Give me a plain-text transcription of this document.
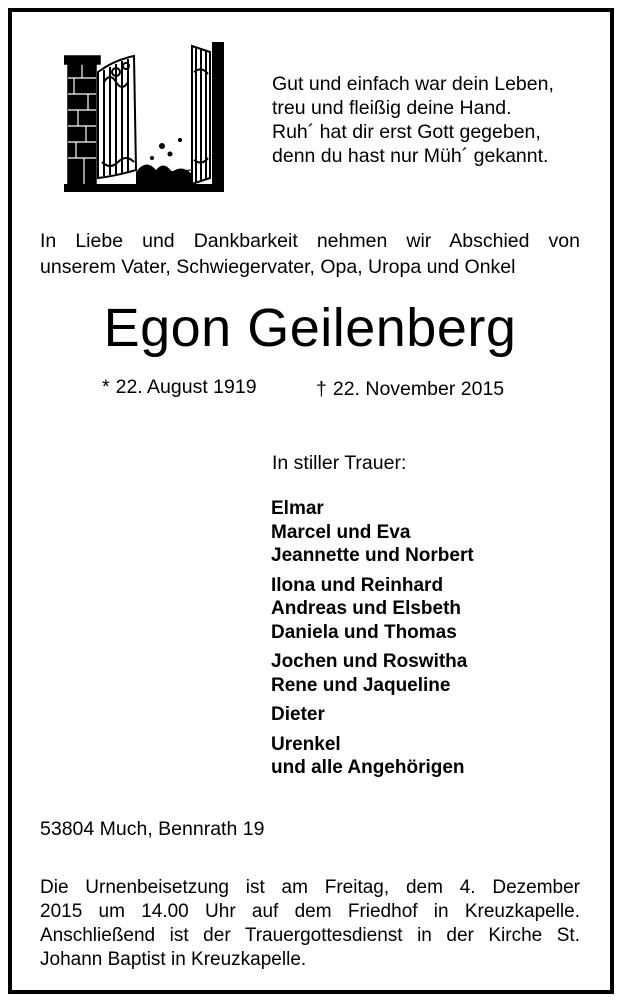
Gut und einfach war dein Leben,
treu und fleißig deine Hand.
Ruh´ hat dir erst Gott gegeben,
denn du hast nur Müh´ gekannt.
In Liebe und Dankbarkeit nehmen wir Abschied von
unserem Vater, Schwiegervater, Opa, Uropa und Onkel
Egon Geilenberg
* 22. August 1919	† 22. November 2015
In stiller Trauer:
Elmar
Marcel und Eva
Jeannette und Norbert
Ilona und Reinhard
Andreas und Elsbeth
Daniela und Thomas
Jochen und Roswitha
Rene und Jaqueline
Dieter
Urenkel
und alle Angehörigen
53804 Much, Bennrath 19
Die Urnenbeisetzung ist am Freitag, dem 4. Dezember
2015 um 14.00 Uhr auf dem Friedhof in Kreuzkapelle.
Anschließend ist der Trauergottesdienst in der Kirche St.
Johann Baptist in Kreuzkapelle.
